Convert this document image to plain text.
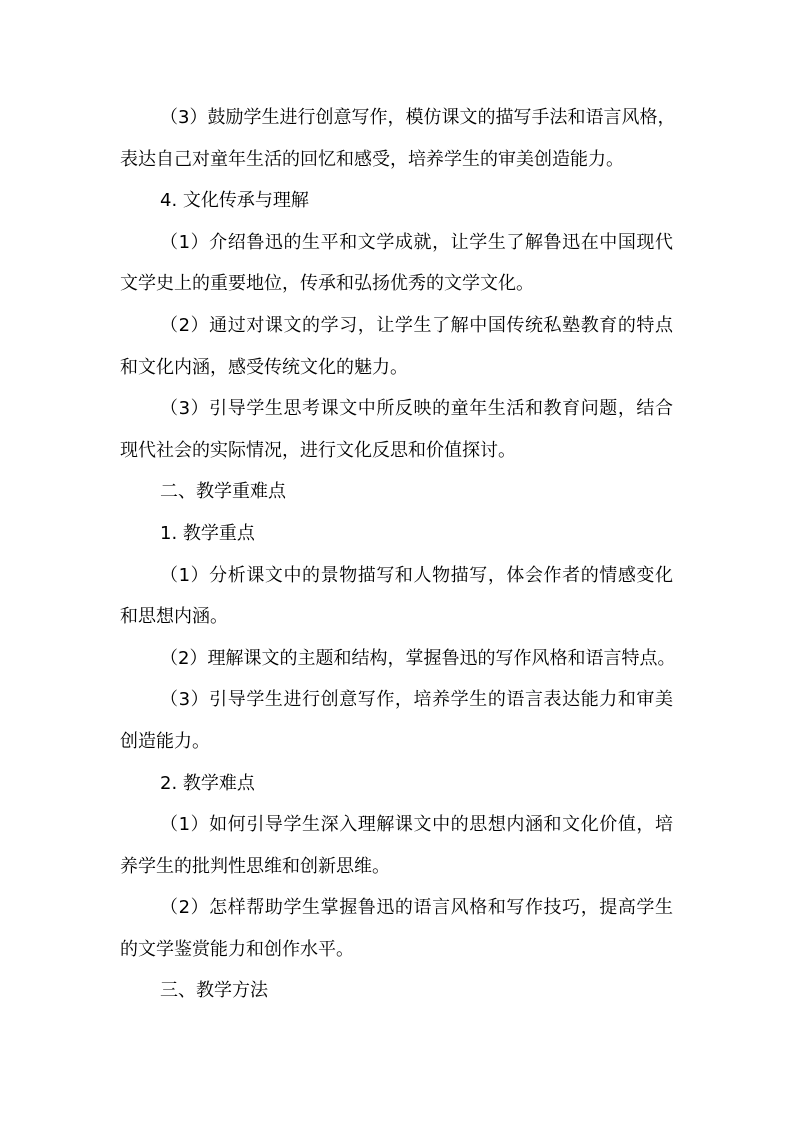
（3）鼓励学生进行创意写作，模仿课文的描写手法和语言风格，
表达自己对童年生活的回忆和感受，培养学生的审美创造能力。
4. 文化传承与理解
（1）介绍鲁迅的生平和文学成就，让学生了解鲁迅在中国现代
文学史上的重要地位，传承和弘扬优秀的文学文化。
（2）通过对课文的学习，让学生了解中国传统私塾教育的特点
和文化内涵，感受传统文化的魅力。
（3）引导学生思考课文中所反映的童年生活和教育问题，结合
现代社会的实际情况，进行文化反思和价值探讨。
二、教学重难点
1. 教学重点
（1）分析课文中的景物描写和人物描写，体会作者的情感变化
和思想内涵。
（2）理解课文的主题和结构，掌握鲁迅的写作风格和语言特点。
（3）引导学生进行创意写作，培养学生的语言表达能力和审美
创造能力。
2. 教学难点
（1）如何引导学生深入理解课文中的思想内涵和文化价值，培
养学生的批判性思维和创新思维。
（2）怎样帮助学生掌握鲁迅的语言风格和写作技巧，提高学生
的文学鉴赏能力和创作水平。
三、教学方法
